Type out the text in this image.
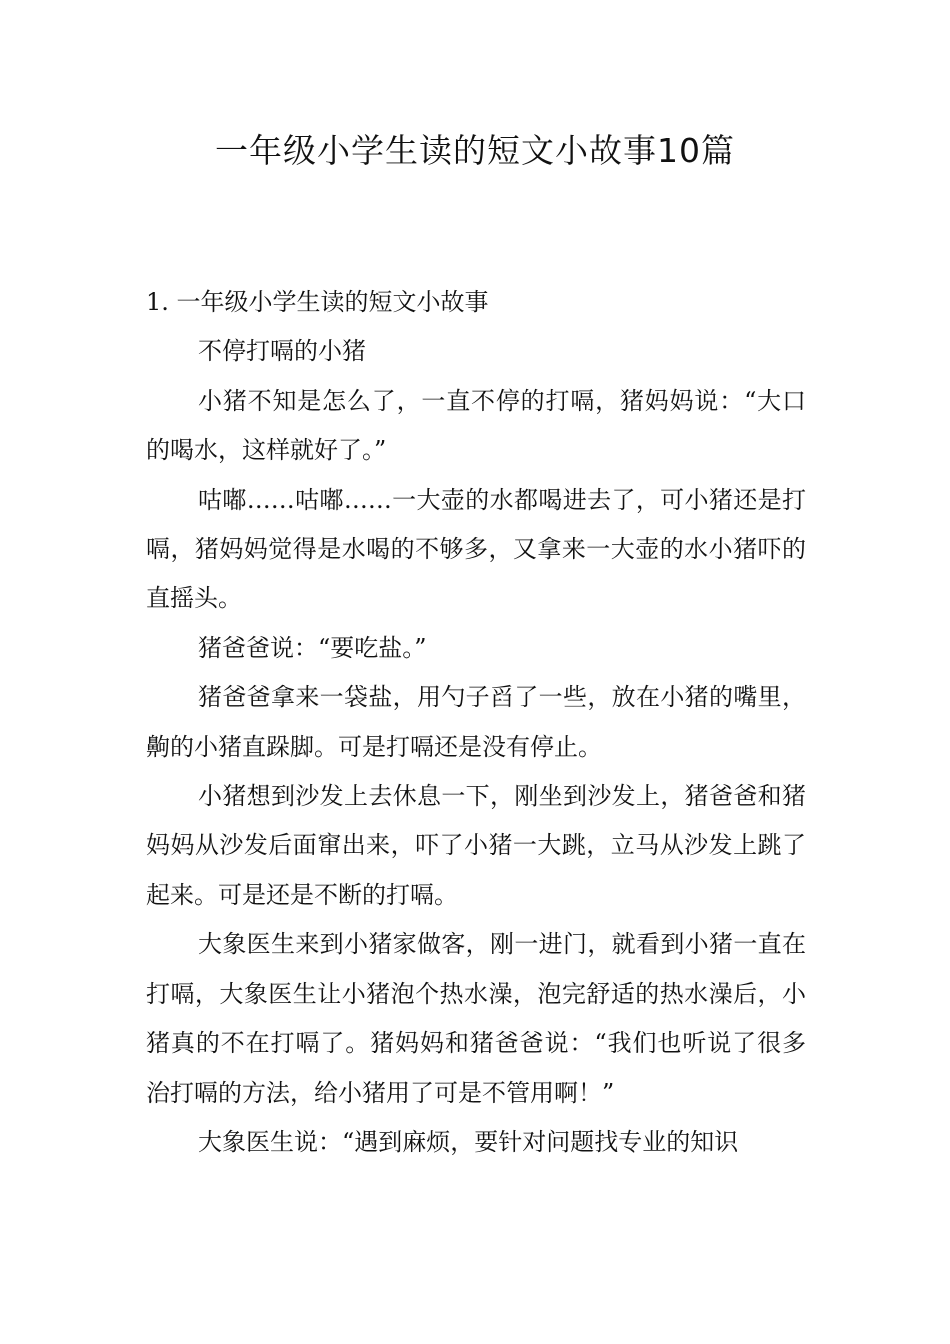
一年级小学生读的短文小故事10篇
1. 一年级小学生读的短文小故事

不停打嗝的小猪

小猪不知是怎么了，一直不停的打嗝，猪妈妈说：“大口的喝水，这样就好了。”

咕嘟……咕嘟……一大壶的水都喝进去了，可小猪还是打嗝，猪妈妈觉得是水喝的不够多，又拿来一大壶的水小猪吓的直摇头。

猪爸爸说：“要吃盐。”

猪爸爸拿来一袋盐，用勺子舀了一些，放在小猪的嘴里，齁的小猪直跺脚。可是打嗝还是没有停止。

小猪想到沙发上去休息一下，刚坐到沙发上，猪爸爸和猪妈妈从沙发后面窜出来，吓了小猪一大跳，立马从沙发上跳了起来。可是还是不断的打嗝。

大象医生来到小猪家做客，刚一进门，就看到小猪一直在打嗝，大象医生让小猪泡个热水澡，泡完舒适的热水澡后，小猪真的不在打嗝了。猪妈妈和猪爸爸说：“我们也听说了很多治打嗝的方法，给小猪用了可是不管用啊！”

大象医生说：“遇到麻烦，要针对问题找专业的知识
